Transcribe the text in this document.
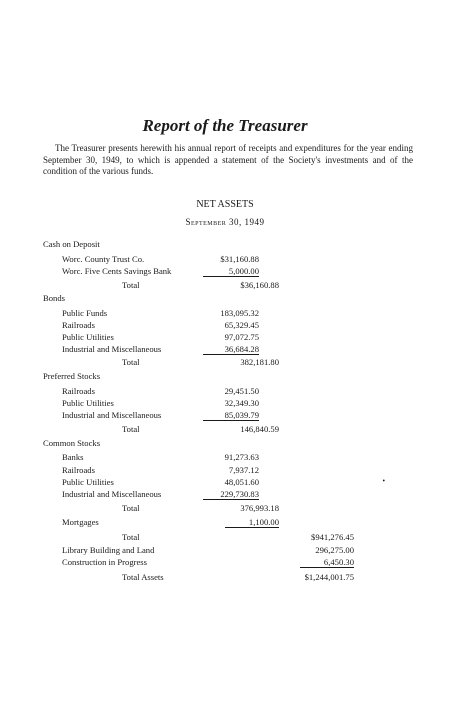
Report of the Treasurer
The Treasurer presents herewith his annual report of receipts and expenditures for the year ending September 30, 1949, to which is appended a statement of the Society's investments and of the condition of the various funds.
NET ASSETS
September 30, 1949
Cash on Deposit
Worc. County Trust Co.	$31,160.88
Worc. Five Cents Savings Bank	5,000.00
Total	$36,160.88
Bonds
Public Funds	183,095.32
Railroads	65,329.45
Public Utilities	97,072.75
Industrial and Miscellaneous	36,684.28
Total	382,181.80
Preferred Stocks
Railroads	29,451.50
Public Utilities	32,349.30
Industrial and Miscellaneous	85,039.79
Total	146,840.59
Common Stocks
Banks	91,273.63
Railroads	7,937.12
Public Utilities	48,051.60
Industrial and Miscellaneous	229,730.83
Total	376,993.18
Mortgages	1,100.00
Total	$941,276.45
Library Building and Land	296,275.00
Construction in Progress	6,450.30
Total Assets	$1,244,001.75
•
